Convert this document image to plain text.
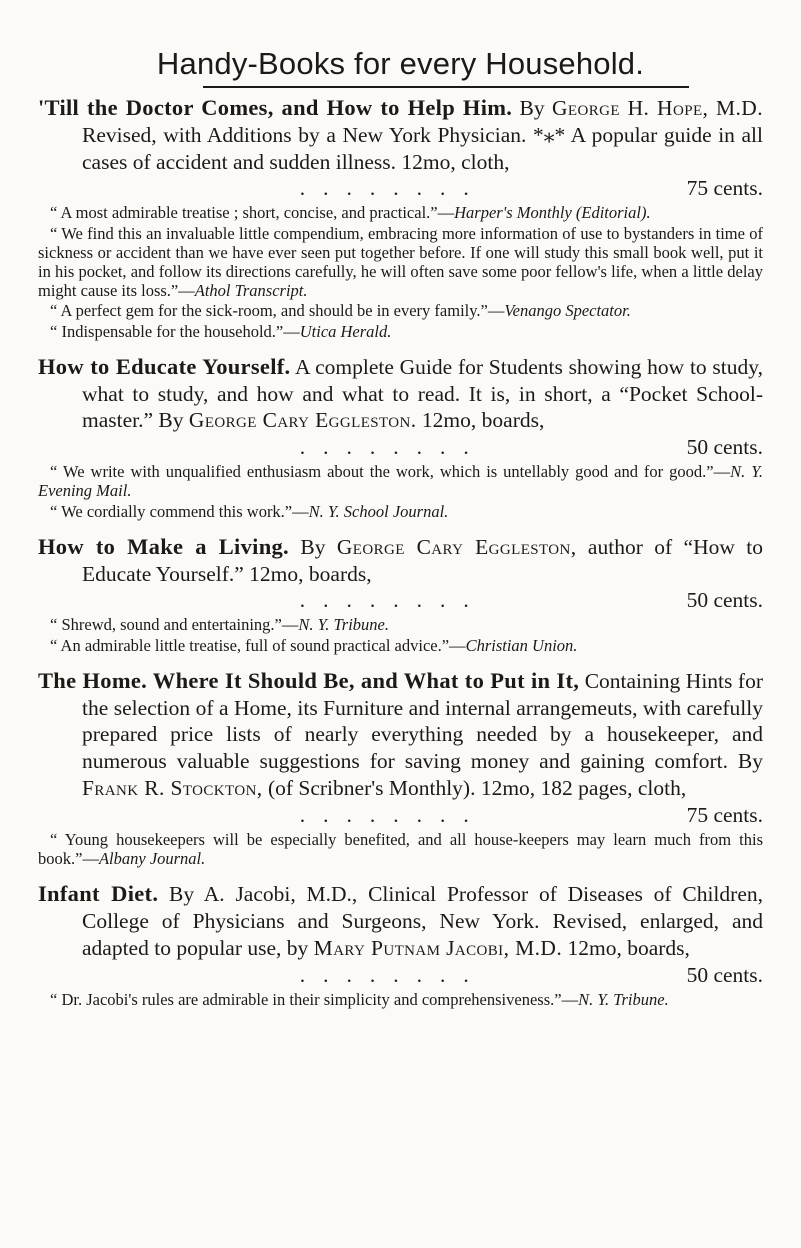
Handy-Books for every Household.
'Till the Doctor Comes, and How to Help Him. By George H. Hope, M.D. Revised, with Additions by a New York Physician. *⁎* A popular guide in all cases of accident and sudden illness. 12mo, cloth,
........	75 cents.

“ A most admirable treatise ; short, concise, and practical.”—Harper's Monthly (Editorial).

“ We find this an invaluable little compendium, embracing more information of use to bystanders in time of sickness or accident than we have ever seen put together before. If one will study this small book well, put it in his pocket, and follow its directions carefully, he will often save some poor fellow's life, when a little delay might cause its loss.”—Athol Transcript.

“ A perfect gem for the sick-room, and should be in every family.”—Venango Spectator.

“ Indispensable for the household.”—Utica Herald.

How to Educate Yourself. A complete Guide for Students showing how to study, what to study, and how and what to read. It is, in short, a “Pocket School-master.” By George Cary Eggleston. 12mo, boards,
........	50 cents.

“ We write with unqualified enthusiasm about the work, which is untellably good and for good.”—N. Y. Evening Mail.

“ We cordially commend this work.”—N. Y. School Journal.

How to Make a Living. By George Cary Eggleston, author of “How to Educate Yourself.” 12mo, boards,
........	50 cents.

“ Shrewd, sound and entertaining.”—N. Y. Tribune.

“ An admirable little treatise, full of sound practical advice.”—Christian Union.

The Home. Where It Should Be, and What to Put in It, Containing Hints for the selection of a Home, its Furniture and internal arrangemeuts, with carefully prepared price lists of nearly everything needed by a housekeeper, and numerous valuable suggestions for saving money and gaining comfort. By Frank R. Stockton, (of Scribner's Monthly). 12mo, 182 pages, cloth,
........	75 cents.

“ Young housekeepers will be especially benefited, and all house-keepers may learn much from this book.”—Albany Journal.

Infant Diet. By A. Jacobi, M.D., Clinical Professor of Diseases of Children, College of Physicians and Surgeons, New York. Revised, enlarged, and adapted to popular use, by Mary Putnam Jacobi, M.D. 12mo, boards,
........	50 cents.

“ Dr. Jacobi's rules are admirable in their simplicity and comprehensiveness.”—N. Y. Tribune.
